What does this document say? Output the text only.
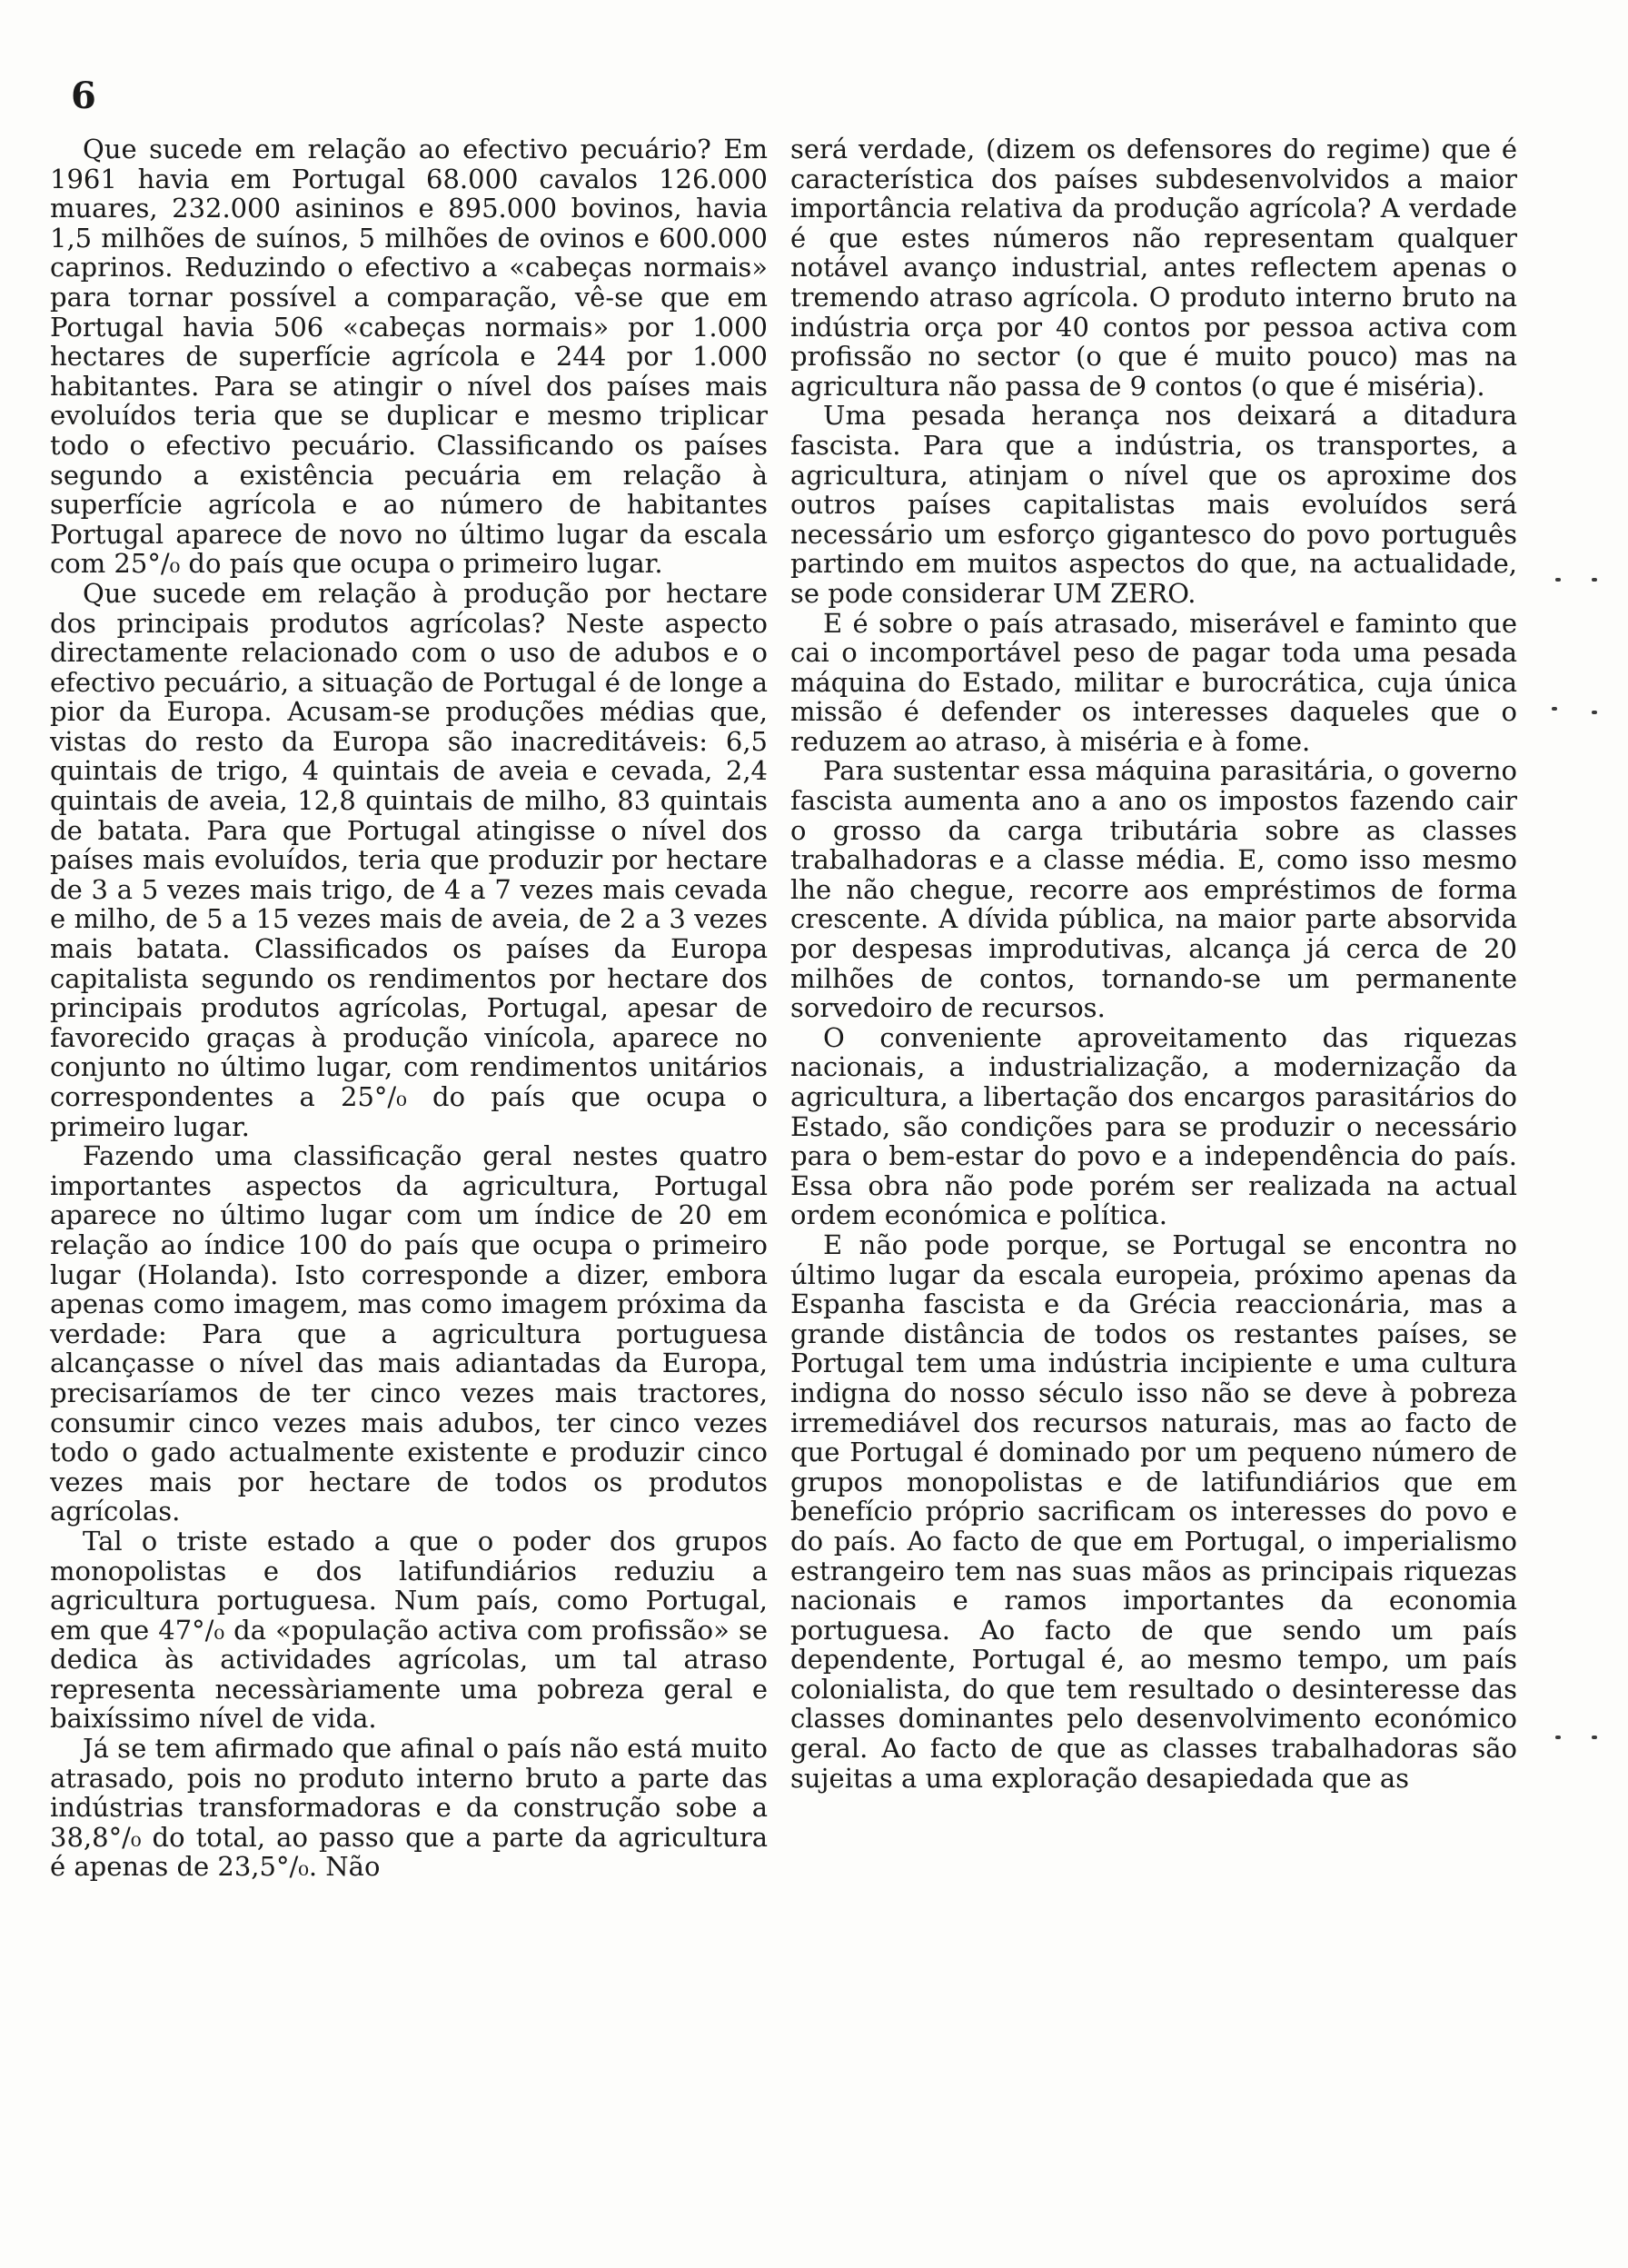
6

Que sucede em relação ao efectivo pecuário? Em 1961 havia em Portugal 68.000 cavalos 126.000 muares, 232.000 asininos e 895.000 bovinos, havia 1,5 milhões de suínos, 5 milhões de ovinos e 600.000 caprinos. Reduzindo o efectivo a «cabeças normais» para tornar possível a comparação, vê-se que em Portugal havia 506 «cabeças normais» por 1.000 hectares de superfície agrícola e 244 por 1.000 habitantes. Para se atingir o nível dos países mais evoluídos teria que se duplicar e mesmo triplicar todo o efectivo pecuário. Classificando os países segundo a existência pecuária em relação à superfície agrícola e ao número de habitantes Portugal aparece de novo no último lugar da escala com 25°/₀ do país que ocupa o primeiro lugar.

Que sucede em relação à produção por hectare dos principais produtos agrícolas? Neste aspecto directamente relacionado com o uso de adubos e o efectivo pecuário, a situação de Portugal é de longe a pior da Europa. Acusam-se produções médias que, vistas do resto da Europa são inacreditáveis: 6,5 quintais de trigo, 4 quintais de aveia e cevada, 2,4 quintais de aveia, 12,8 quintais de milho, 83 quintais de batata. Para que Portugal atingisse o nível dos países mais evoluídos, teria que produzir por hectare de 3 a 5 vezes mais trigo, de 4 a 7 vezes mais cevada e milho, de 5 a 15 vezes mais de aveia, de 2 a 3 vezes mais batata. Classificados os países da Europa capitalista segundo os rendimentos por hectare dos principais produtos agrícolas, Portugal, apesar de favorecido graças à produção vinícola, aparece no conjunto no último lugar, com rendimentos unitários correspondentes a 25°/₀ do país que ocupa o primeiro lugar.

Fazendo uma classificação geral nestes quatro importantes aspectos da agricultura, Portugal aparece no último lugar com um índice de 20 em relação ao índice 100 do país que ocupa o primeiro lugar (Holanda). Isto corresponde a dizer, embora apenas como imagem, mas como imagem próxima da verdade: Para que a agricultura portuguesa alcançasse o nível das mais adiantadas da Europa, precisaríamos de ter cinco vezes mais tractores, consumir cinco vezes mais adubos, ter cinco vezes todo o gado actualmente existente e produzir cinco vezes mais por hectare de todos os produtos agrícolas.

Tal o triste estado a que o poder dos grupos monopolistas e dos latifundiários reduziu a agricultura portuguesa. Num país, como Portugal, em que 47°/₀ da «população activa com profissão» se dedica às actividades agrícolas, um tal atraso representa necessàriamente uma pobreza geral e baixíssimo nível de vida.

Já se tem afirmado que afinal o país não está muito atrasado, pois no produto interno bruto a parte das indústrias transformadoras e da construção sobe a 38,8°/₀ do total, ao passo que a parte da agricultura é apenas de 23,5°/₀. Não

será verdade, (dizem os defensores do regime) que é característica dos países subdesenvolvidos a maior importância relativa da produção agrícola? A verdade é que estes números não representam qualquer notável avanço industrial, antes reflectem apenas o tremendo atraso agrícola. O produto interno bruto na indústria orça por 40 contos por pessoa activa com profissão no sector (o que é muito pouco) mas na agricultura não passa de 9 contos (o que é miséria).

Uma pesada herança nos deixará a ditadura fascista. Para que a indústria, os transportes, a agricultura, atinjam o nível que os aproxime dos outros países capitalistas mais evoluídos será necessário um esforço gigantesco do povo português partindo em muitos aspectos do que, na actualidade, se pode considerar UM ZERO.

E é sobre o país atrasado, miserável e faminto que cai o incomportável peso de pagar toda uma pesada máquina do Estado, militar e burocrática, cuja única missão é defender os interesses daqueles que o reduzem ao atraso, à miséria e à fome.

Para sustentar essa máquina parasitária, o governo fascista aumenta ano a ano os impostos fazendo cair o grosso da carga tributária sobre as classes trabalhadoras e a classe média. E, como isso mesmo lhe não chegue, recorre aos empréstimos de forma crescente. A dívida pública, na maior parte absorvida por despesas improdutivas, alcança já cerca de 20 milhões de contos, tornando-se um permanente sorvedoiro de recursos.

O conveniente aproveitamento das riquezas nacionais, a industrialização, a modernização da agricultura, a libertação dos encargos parasitários do Estado, são condições para se produzir o necessário para o bem-estar do povo e a independência do país. Essa obra não pode porém ser realizada na actual ordem económica e política.

E não pode porque, se Portugal se encontra no último lugar da escala europeia, próximo apenas da Espanha fascista e da Grécia reaccionária, mas a grande distância de todos os restantes países, se Portugal tem uma indústria incipiente e uma cultura indigna do nosso século isso não se deve à pobreza irremediável dos recursos naturais, mas ao facto de que Portugal é dominado por um pequeno número de grupos monopolistas e de latifundiários que em benefício próprio sacrificam os interesses do povo e do país. Ao facto de que em Portugal, o imperialismo estrangeiro tem nas suas mãos as principais riquezas nacionais e ramos importantes da economia portuguesa. Ao facto de que sendo um país dependente, Portugal é, ao mesmo tempo, um país colonialista, do que tem resultado o desinteresse das classes dominantes pelo desenvolvimento económico geral. Ao facto de que as classes trabalhadoras são sujeitas a uma exploração desapiedada que as
